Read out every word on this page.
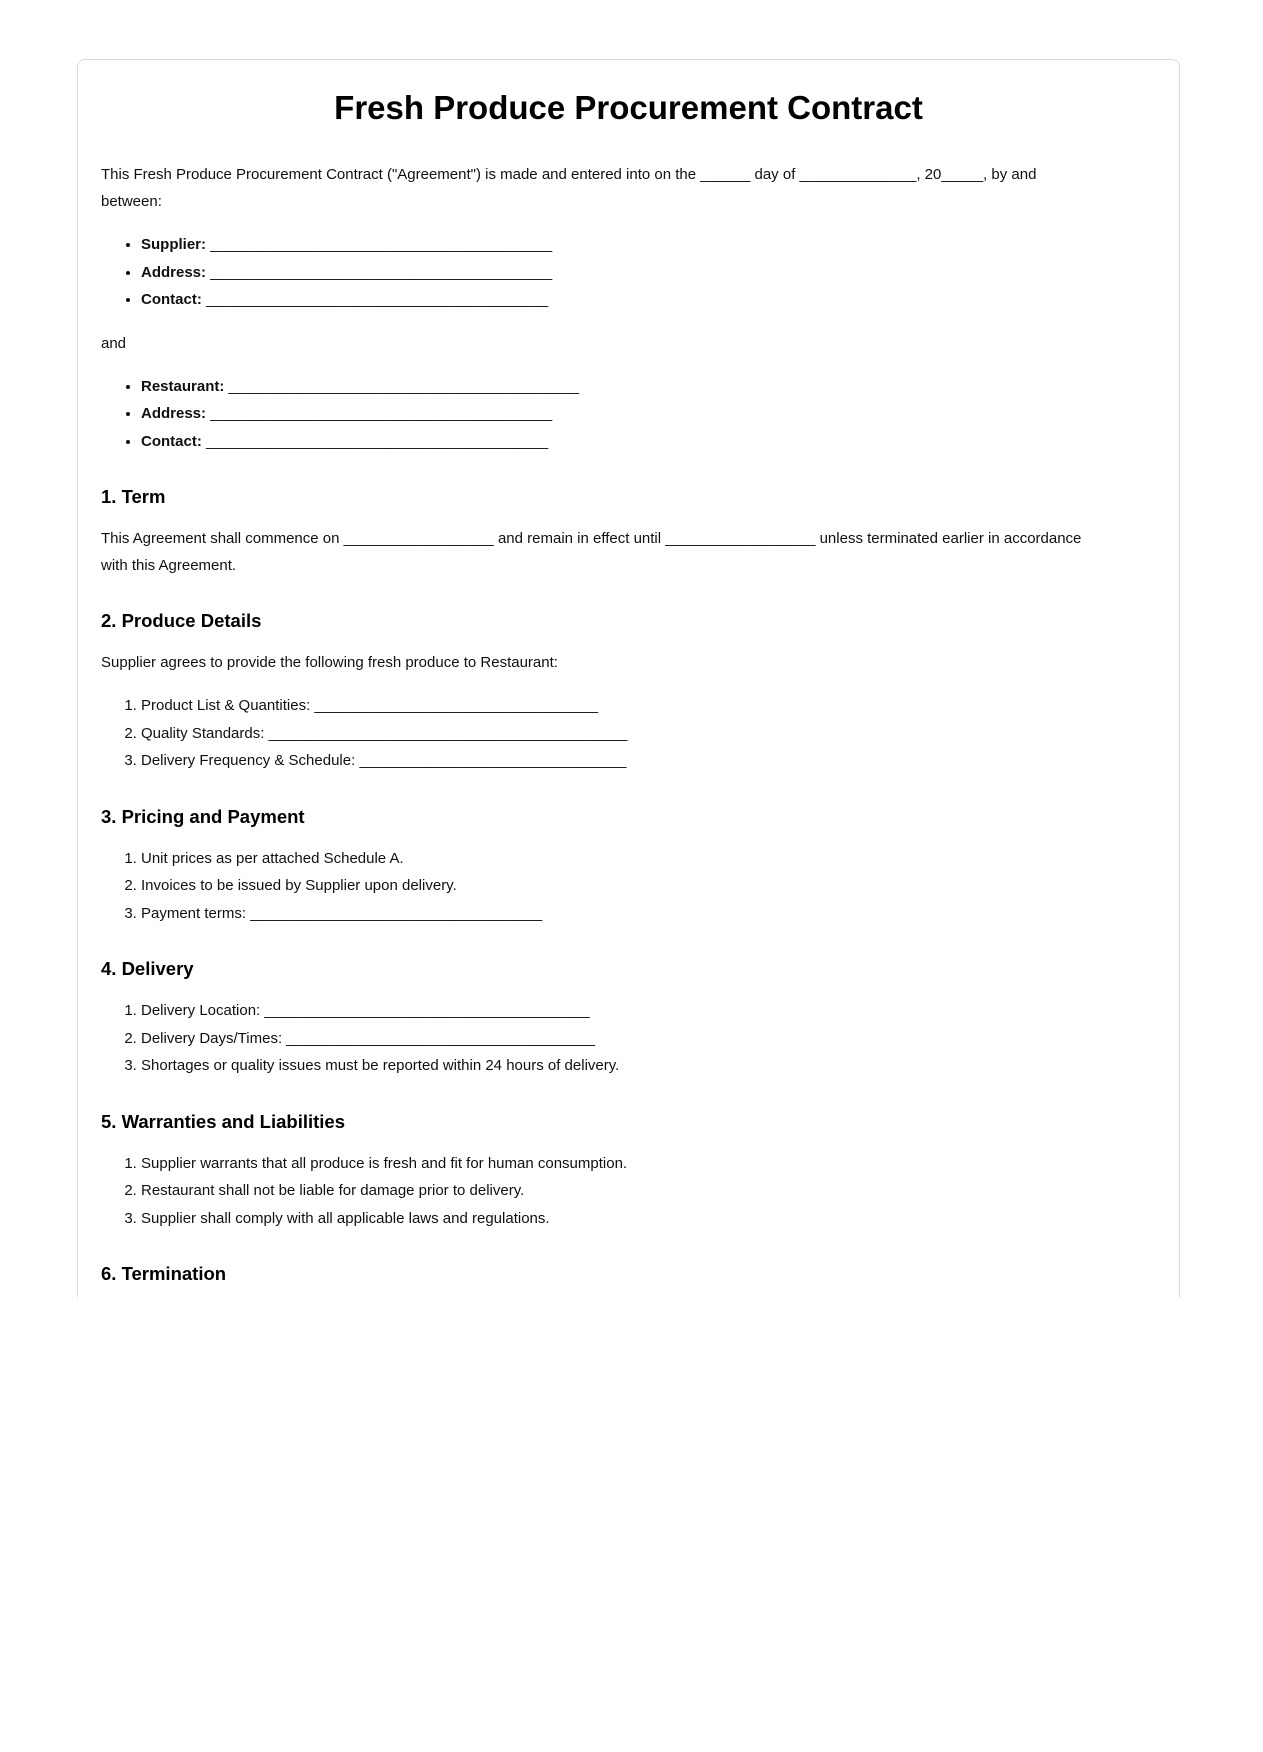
Fresh Produce Procurement Contract

This Fresh Produce Procurement Contract ("Agreement") is made and entered into on the ______ day of ______________, 20_____, by and between:

• Supplier: _________________________________________
• Address: _________________________________________
• Contact: _________________________________________

and

• Restaurant: __________________________________________
• Address: _________________________________________
• Contact: _________________________________________
1. Term

This Agreement shall commence on __________________ and remain in effect until __________________ unless terminated earlier in accordance with this Agreement.

2. Produce Details

Supplier agrees to provide the following fresh produce to Restaurant:

1. Product List & Quantities: __________________________________
2. Quality Standards: ___________________________________________
3. Delivery Frequency & Schedule: ________________________________
3. Pricing and Payment
1. Unit prices as per attached Schedule A.
2. Invoices to be issued by Supplier upon delivery.
3. Payment terms: ___________________________________
4. Delivery
1. Delivery Location: _______________________________________
2. Delivery Days/Times: _____________________________________
3. Shortages or quality issues must be reported within 24 hours of delivery.
5. Warranties and Liabilities
1. Supplier warrants that all produce is fresh and fit for human consumption.
2. Restaurant shall not be liable for damage prior to delivery.
3. Supplier shall comply with all applicable laws and regulations.
6. Termination
